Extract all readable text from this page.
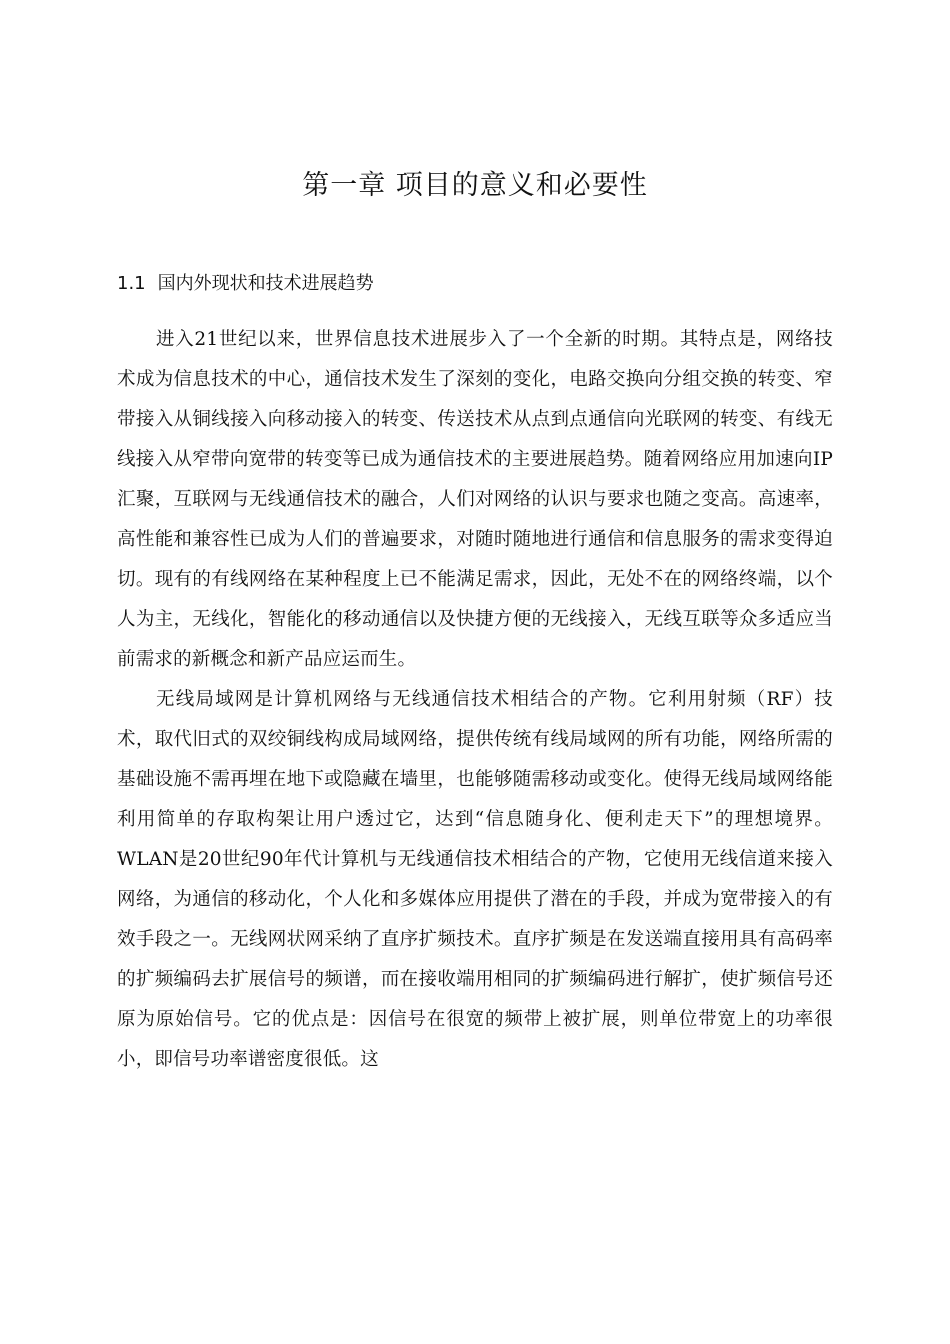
第一章 项目的意义和必要性
1.1 国内外现状和技术进展趋势

进入21世纪以来，世界信息技术进展步入了一个全新的时期。其特点是，网络技术成为信息技术的中心，通信技术发生了深刻的变化，电路交换向分组交换的转变、窄带接入从铜线接入向移动接入的转变、传送技术从点到点通信向光联网的转变、有线无线接入从窄带向宽带的转变等已成为通信技术的主要进展趋势。随着网络应用加速向IP汇聚，互联网与无线通信技术的融合，人们对网络的认识与要求也随之变高。高速率，高性能和兼容性已成为人们的普遍要求，对随时随地进行通信和信息服务的需求变得迫切。现有的有线网络在某种程度上已不能满足需求，因此，无处不在的网络终端，以个人为主，无线化，智能化的移动通信以及快捷方便的无线接入，无线互联等众多适应当前需求的新概念和新产品应运而生。

无线局域网是计算机网络与无线通信技术相结合的产物。它利用射频（RF）技术，取代旧式的双绞铜线构成局域网络，提供传统有线局域网的所有功能，网络所需的基础设施不需再埋在地下或隐藏在墙里，也能够随需移动或变化。使得无线局域网络能利用简单的存取构架让用户透过它，达到“信息随身化、便利走天下”的理想境界。WLAN是20世纪90年代计算机与无线通信技术相结合的产物，它使用无线信道来接入网络，为通信的移动化，个人化和多媒体应用提供了潜在的手段，并成为宽带接入的有效手段之一。无线网状网采纳了直序扩频技术。直序扩频是在发送端直接用具有高码率的扩频编码去扩展信号的频谱，而在接收端用相同的扩频编码进行解扩，使扩频信号还原为原始信号。它的优点是：因信号在很宽的频带上被扩展，则单位带宽上的功率很小，即信号功率谱密度很低。这
